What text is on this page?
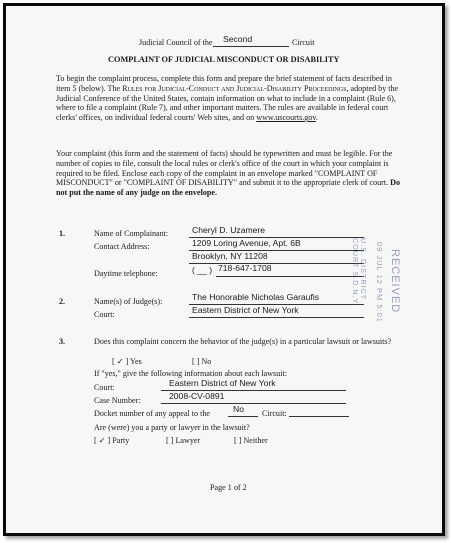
Judicial Council of the Second	Circuit
COMPLAINT OF JUDICIAL MISCONDUCT OR DISABILITY
To begin the complaint process, complete this form and prepare the brief statement of facts described in item 5 (below). The Rules for Judicial-Conduct and Judicial-Disability Proceedings, adopted by the Judicial Conference of the United States, contain information on what to include in a complaint (Rule 6), where to file a complaint (Rule 7), and other important matters. The rules are available in federal court clerks' offices, on individual federal courts' Web sites, and on www.uscourts.gov.
Your complaint (this form and the statement of facts) should be typewritten and must be legible. For the number of copies to file, consult the local rules or clerk's office of the court in which your complaint is required to be filed. Enclose each copy of the complaint in an envelope marked "COMPLAINT OF MISCONDUCT" or "COMPLAINT OF DISABILITY" and submit it to the appropriate clerk of court. Do not put the name of any judge on the envelope.
1.	Name of Complainant:	Cheryl D. Uzamere
Contact Address:	1209 Loring Avenue, Apt. 6B
Brooklyn, NY 11208
Daytime telephone:	( __ ) 718-647-1708
2.	Name(s) of Judge(s):	The Honorable Nicholas Garaufis
Court:	Eastern District of New York
3.	Does this complaint concern the behavior of the judge(s) in a particular lawsuit or lawsuits?
[ ✓ ] Yes	[ ] No
If "yes," give the following information about each lawsuit:
Court:	Eastern District of New York
Case Number:	2008-CV-0891
Docket number of any appeal to the	No Circuit:
Are (were) you a party or lawyer in the lawsuit?
[ ✓ ] Party	[ ] Lawyer	[ ] Neither
RECEIVED
09 JUL 12 PM 5:01
U.S. DISTRICT COURT S.D.N.Y.
Page 1 of 2
